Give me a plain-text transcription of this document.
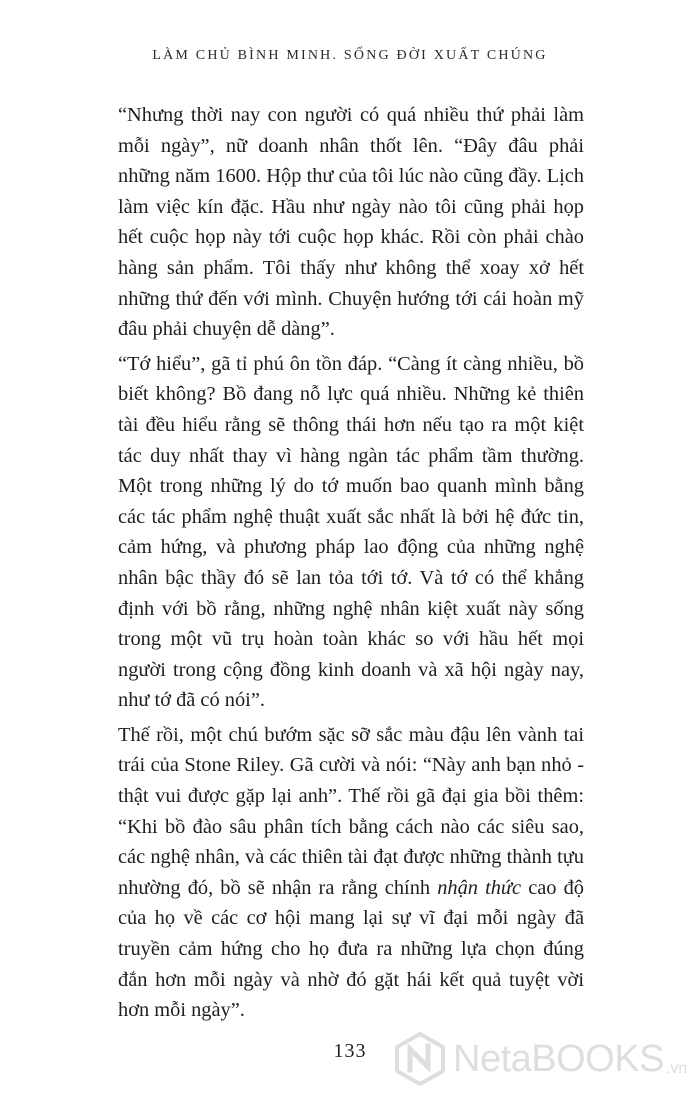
LÀM CHỦ BÌNH MINH. SỐNG ĐỜI XUẤT CHÚNG

“Nhưng thời nay con người có quá nhiều thứ phải làm mỗi ngày”, nữ doanh nhân thốt lên. “Đây đâu phải những năm 1600. Hộp thư của tôi lúc nào cũng đầy. Lịch làm việc kín đặc. Hầu như ngày nào tôi cũng phải họp hết cuộc họp này tới cuộc họp khác. Rồi còn phải chào hàng sản phẩm. Tôi thấy như không thể xoay xở hết những thứ đến với mình. Chuyện hướng tới cái hoàn mỹ đâu phải chuyện dễ dàng”.

“Tớ hiểu”, gã tỉ phú ôn tồn đáp. “Càng ít càng nhiều, bồ biết không? Bồ đang nỗ lực quá nhiều. Những kẻ thiên tài đều hiểu rằng sẽ thông thái hơn nếu tạo ra một kiệt tác duy nhất thay vì hàng ngàn tác phẩm tầm thường. Một trong những lý do tớ muốn bao quanh mình bằng các tác phẩm nghệ thuật xuất sắc nhất là bởi hệ đức tin, cảm hứng, và phương pháp lao động của những nghệ nhân bậc thầy đó sẽ lan tỏa tới tớ. Và tớ có thể khẳng định với bồ rằng, những nghệ nhân kiệt xuất này sống trong một vũ trụ hoàn toàn khác so với hầu hết mọi người trong cộng đồng kinh doanh và xã hội ngày nay, như tớ đã có nói”.

Thế rồi, một chú bướm sặc sỡ sắc màu đậu lên vành tai trái của Stone Riley. Gã cười và nói: “Này anh bạn nhỏ - thật vui được gặp lại anh”. Thế rồi gã đại gia bồi thêm: “Khi bồ đào sâu phân tích bằng cách nào các siêu sao, các nghệ nhân, và các thiên tài đạt được những thành tựu nhường đó, bồ sẽ nhận ra rằng chính nhận thức cao độ của họ về các cơ hội mang lại sự vĩ đại mỗi ngày đã truyền cảm hứng cho họ đưa ra những lựa chọn đúng đắn hơn mỗi ngày và nhờ đó gặt hái kết quả tuyệt vời hơn mỗi ngày”.

133	NetaBOOKS .vn
